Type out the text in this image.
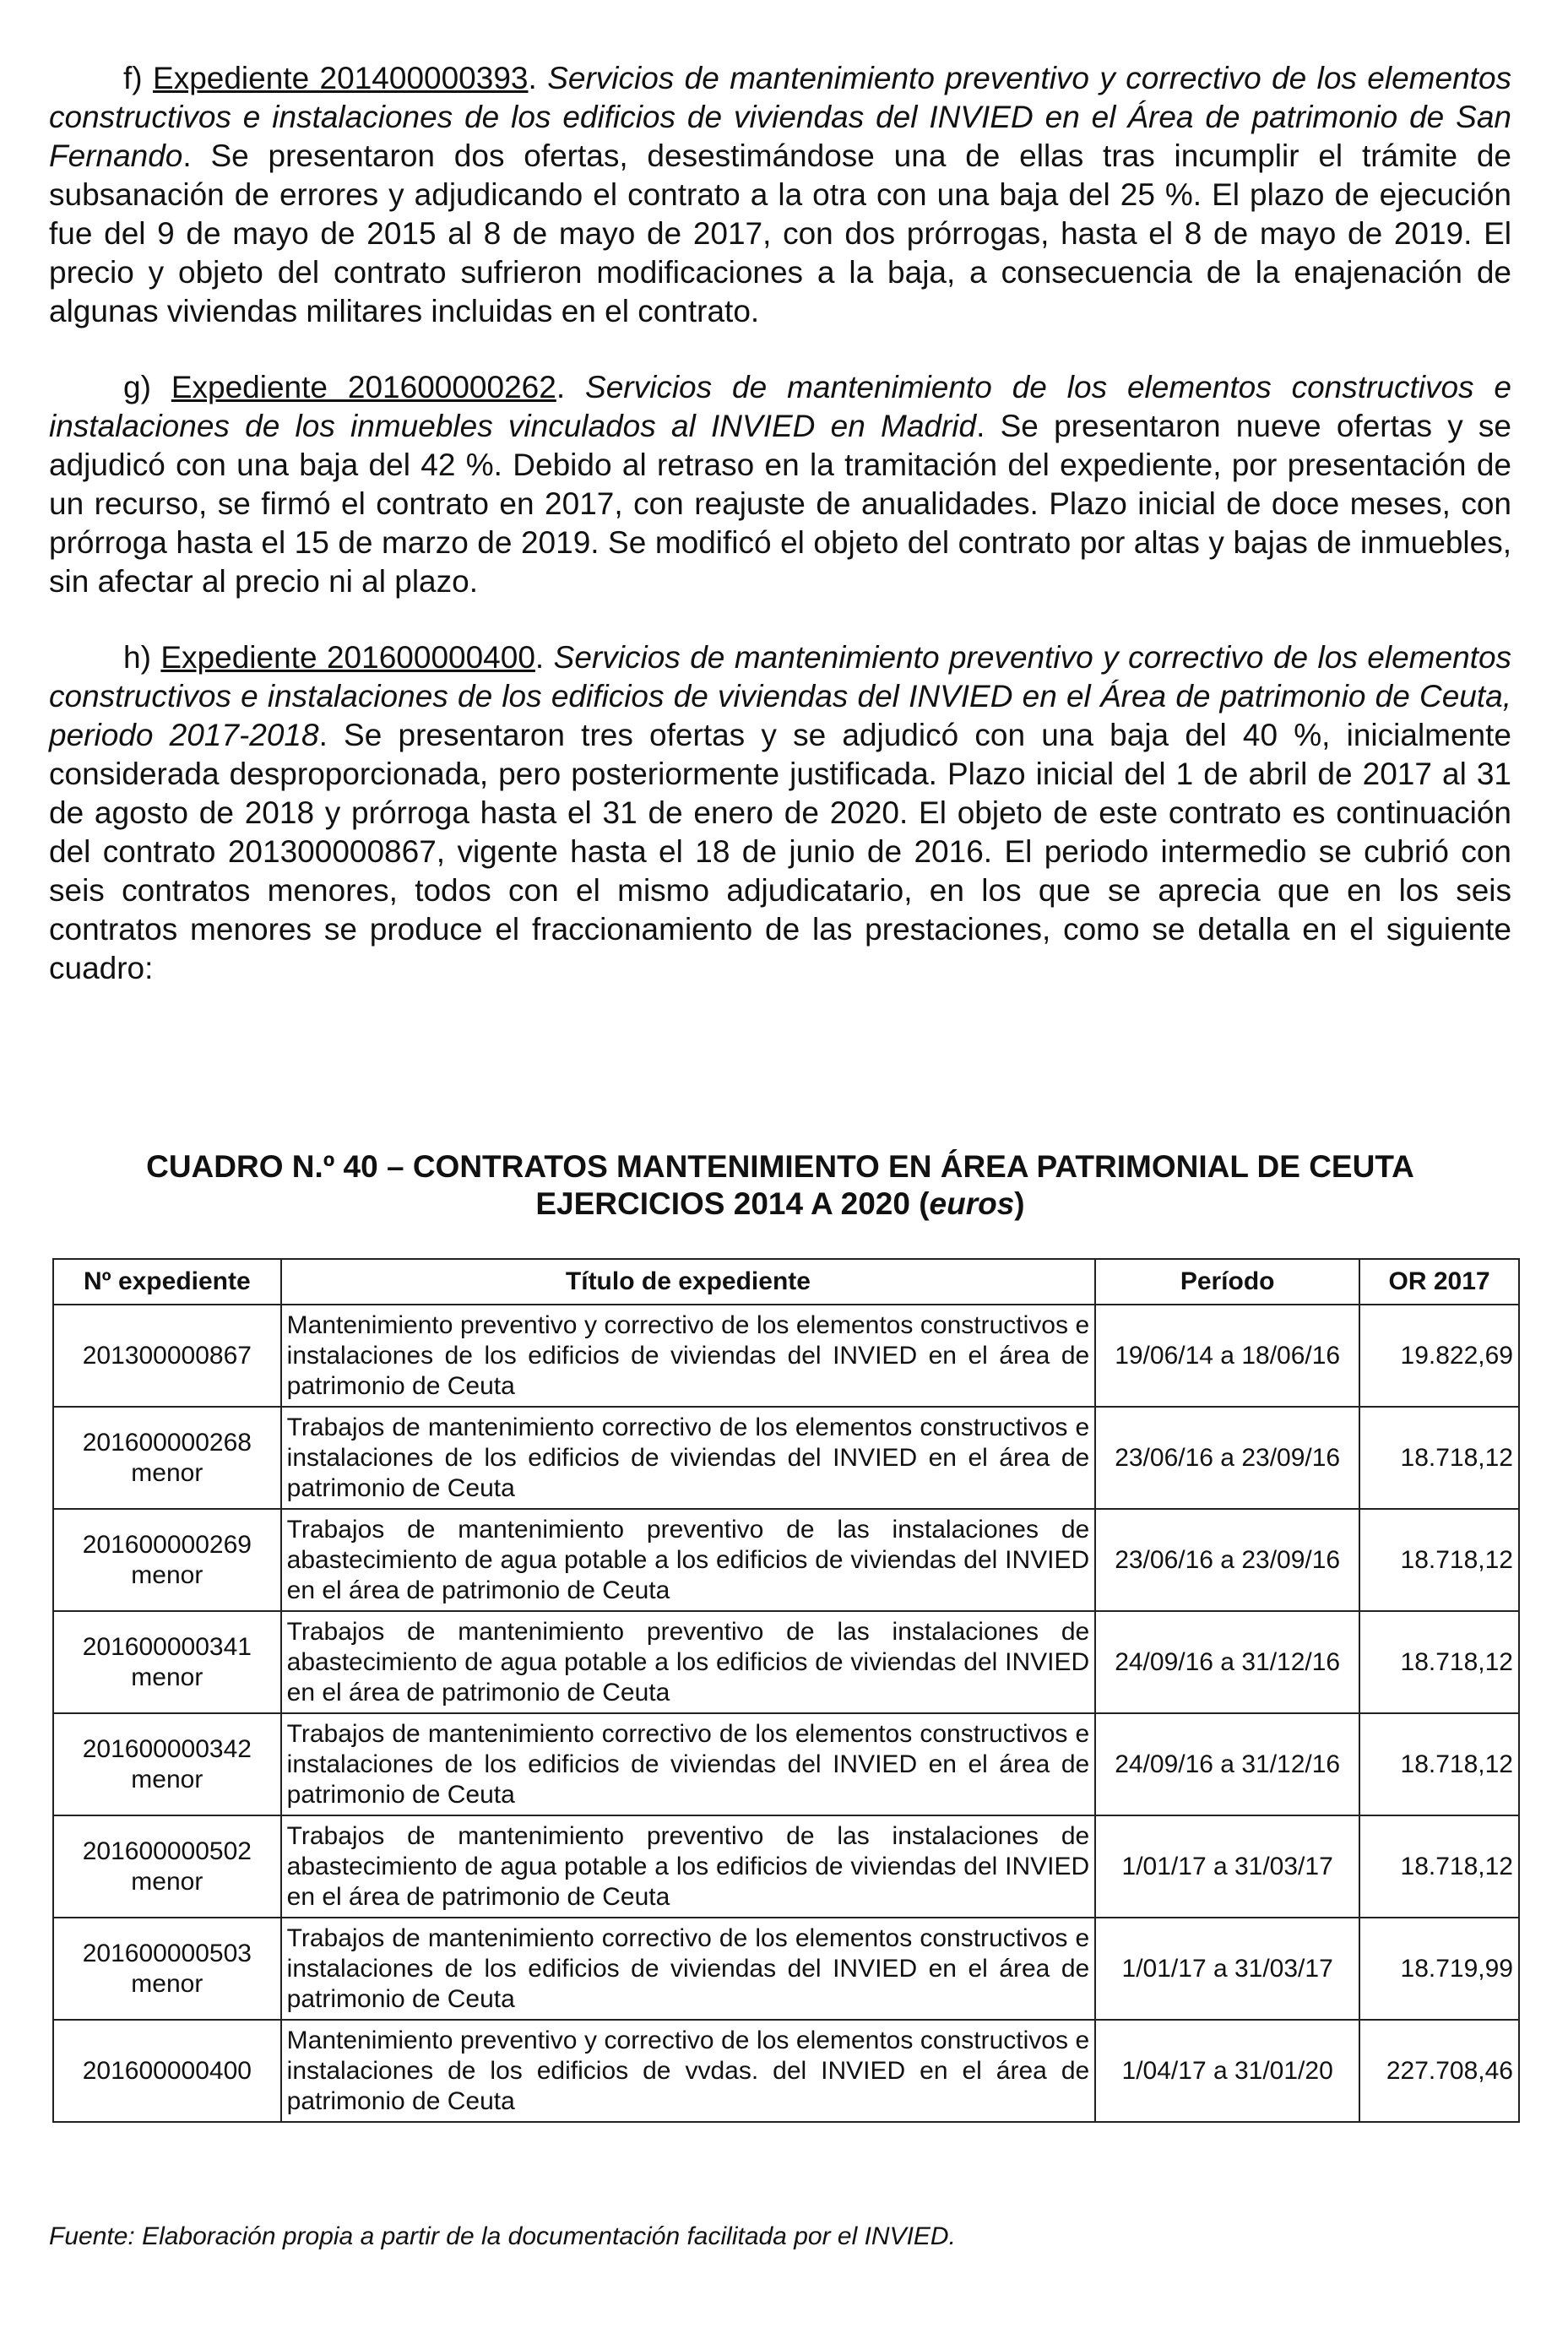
f) Expediente 201400000393. Servicios de mantenimiento preventivo y correctivo de los elementos constructivos e instalaciones de los edificios de viviendas del INVIED en el Área de patrimonio de San Fernando. Se presentaron dos ofertas, desestimándose una de ellas tras incumplir el trámite de subsanación de errores y adjudicando el contrato a la otra con una baja del 25 %. El plazo de ejecución fue del 9 de mayo de 2015 al 8 de mayo de 2017, con dos prórrogas, hasta el 8 de mayo de 2019. El precio y objeto del contrato sufrieron modificaciones a la baja, a consecuencia de la enajenación de algunas viviendas militares incluidas en el contrato.

g) Expediente 201600000262. Servicios de mantenimiento de los elementos constructivos e instalaciones de los inmuebles vinculados al INVIED en Madrid. Se presentaron nueve ofertas y se adjudicó con una baja del 42 %. Debido al retraso en la tramitación del expediente, por presentación de un recurso, se firmó el contrato en 2017, con reajuste de anualidades. Plazo inicial de doce meses, con prórroga hasta el 15 de marzo de 2019. Se modificó el objeto del contrato por altas y bajas de inmuebles, sin afectar al precio ni al plazo.

h) Expediente 201600000400. Servicios de mantenimiento preventivo y correctivo de los elementos constructivos e instalaciones de los edificios de viviendas del INVIED en el Área de patrimonio de Ceuta, periodo 2017-2018. Se presentaron tres ofertas y se adjudicó con una baja del 40 %, inicialmente considerada desproporcionada, pero posteriormente justificada. Plazo inicial del 1 de abril de 2017 al 31 de agosto de 2018 y prórroga hasta el 31 de enero de 2020. El objeto de este contrato es continuación del contrato 201300000867, vigente hasta el 18 de junio de 2016. El periodo intermedio se cubrió con seis contratos menores, todos con el mismo adjudicatario, en los que se aprecia que en los seis contratos menores se produce el fraccionamiento de las prestaciones, como se detalla en el siguiente cuadro:

CUADRO N.º 40 – CONTRATOS MANTENIMIENTO EN ÁREA PATRIMONIAL DE CEUTA
EJERCICIOS 2014 A 2020 (euros)
Nº expediente	Título de expediente	Período	OR 2017

201300000867	Mantenimiento preventivo y correctivo de los elementos constructivos e instalaciones de los edificios de viviendas del INVIED en el área de patrimonio de Ceuta	19/06/14 a 18/06/16	19.822,69

201600000268
menor	Trabajos de mantenimiento correctivo de los elementos constructivos e instalaciones de los edificios de viviendas del INVIED en el área de patrimonio de Ceuta	23/06/16 a 23/09/16	18.718,12

201600000269
menor	Trabajos de mantenimiento preventivo de las instalaciones de abastecimiento de agua potable a los edificios de viviendas del INVIED en el área de patrimonio de Ceuta	23/06/16 a 23/09/16	18.718,12

201600000341
menor	Trabajos de mantenimiento preventivo de las instalaciones de abastecimiento de agua potable a los edificios de viviendas del INVIED en el área de patrimonio de Ceuta	24/09/16 a 31/12/16	18.718,12

201600000342
menor	Trabajos de mantenimiento correctivo de los elementos constructivos e instalaciones de los edificios de viviendas del INVIED en el área de patrimonio de Ceuta	24/09/16 a 31/12/16	18.718,12

201600000502
menor	Trabajos de mantenimiento preventivo de las instalaciones de abastecimiento de agua potable a los edificios de viviendas del INVIED en el área de patrimonio de Ceuta	1/01/17 a 31/03/17	18.718,12

201600000503
menor	Trabajos de mantenimiento correctivo de los elementos constructivos e instalaciones de los edificios de viviendas del INVIED en el área de patrimonio de Ceuta	1/01/17 a 31/03/17	18.719,99

201600000400	Mantenimiento preventivo y correctivo de los elementos constructivos e instalaciones de los edificios de vvdas. del INVIED en el área de patrimonio de Ceuta	1/04/17 a 31/01/20	227.708,46
Fuente: Elaboración propia a partir de la documentación facilitada por el INVIED.
